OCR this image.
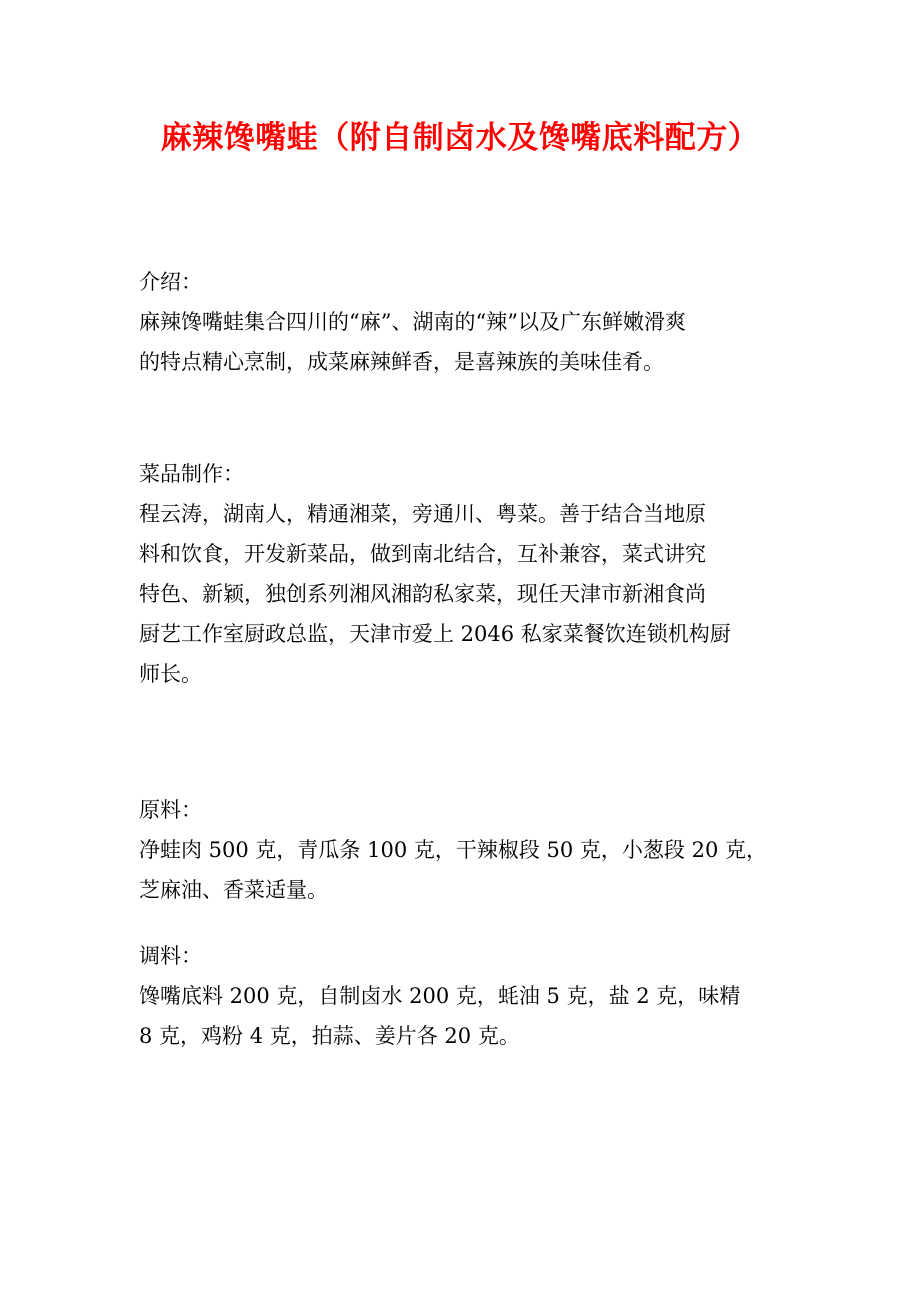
麻辣馋嘴蛙（附自制卤水及馋嘴底料配方）
介绍：
麻辣馋嘴蛙集合四川的“麻”、湖南的“辣”以及广东鲜嫩滑爽
的特点精心烹制，成菜麻辣鲜香，是喜辣族的美味佳肴。
菜品制作：
程云涛，湖南人，精通湘菜，旁通川、粤菜。善于结合当地原
料和饮食，开发新菜品，做到南北结合，互补兼容，菜式讲究
特色、新颖，独创系列湘风湘韵私家菜，现任天津市新湘食尚
厨艺工作室厨政总监，天津市爱上 2046 私家菜餐饮连锁机构厨
师长。
原料：
净蛙肉 500 克，青瓜条 100 克，干辣椒段 50 克，小葱段 20 克，
芝麻油、香菜适量。
调料：
馋嘴底料 200 克，自制卤水 200 克，蚝油 5 克，盐 2 克，味精
8 克，鸡粉 4 克，拍蒜、姜片各 20 克。
